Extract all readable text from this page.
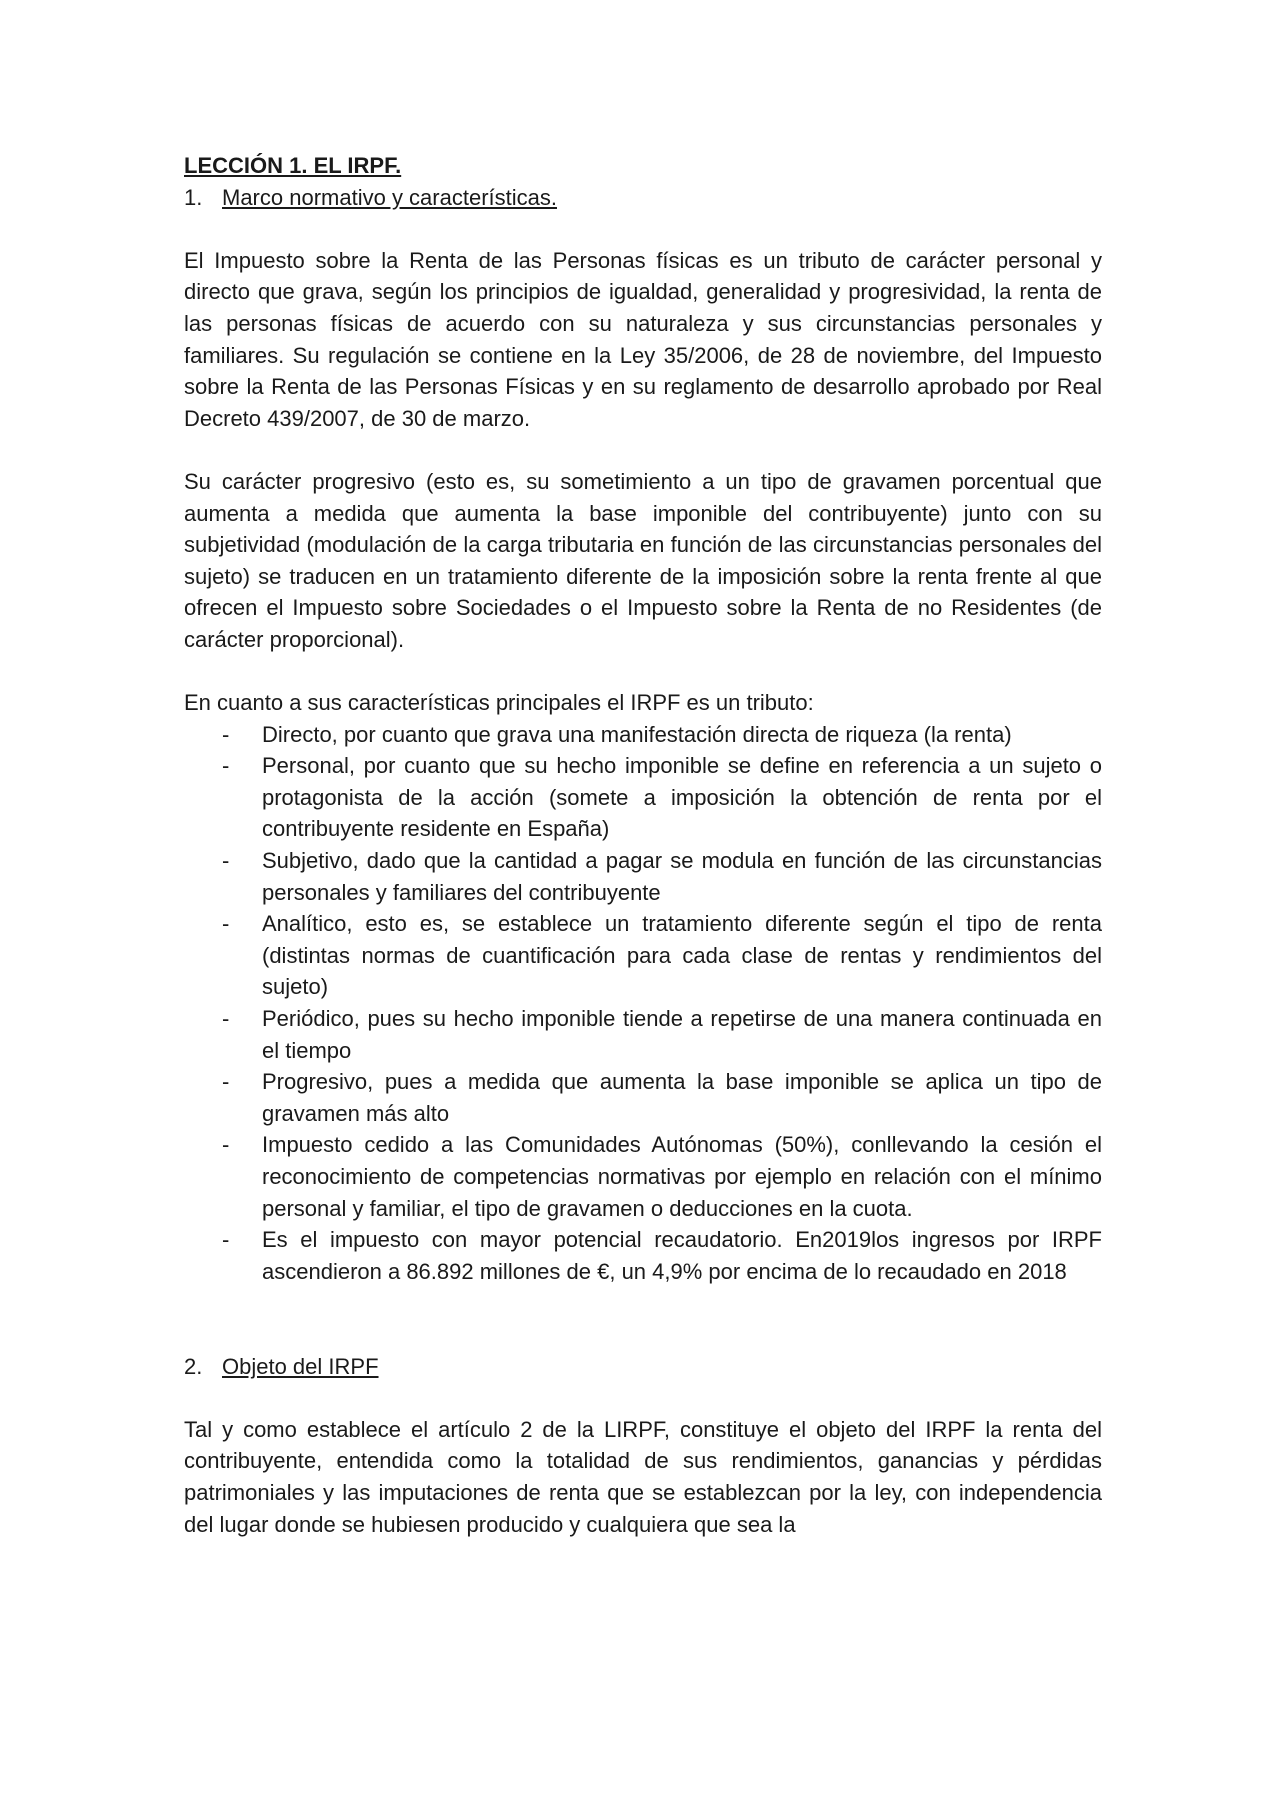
LECCIÓN 1. EL IRPF.
1. Marco normativo y características.

El Impuesto sobre la Renta de las Personas físicas es un tributo de carácter personal y directo que grava, según los principios de igualdad, generalidad y progresividad, la renta de las personas físicas de acuerdo con su naturaleza y sus circunstancias personales y familiares. Su regulación se contiene en la Ley 35/2006, de 28 de noviembre, del Impuesto sobre la Renta de las Personas Físicas y en su reglamento de desarrollo aprobado por Real Decreto 439/2007, de 30 de marzo.

Su carácter progresivo (esto es, su sometimiento a un tipo de gravamen porcentual que aumenta a medida que aumenta la base imponible del contribuyente) junto con su subjetividad (modulación de la carga tributaria en función de las circunstancias personales del sujeto) se traducen en un tratamiento diferente de la imposición sobre la renta frente al que ofrecen el Impuesto sobre Sociedades o el Impuesto sobre la Renta de no Residentes (de carácter proporcional).

En cuanto a sus características principales el IRPF es un tributo:

-	Directo, por cuanto que grava una manifestación directa de riqueza (la renta)
-	Personal, por cuanto que su hecho imponible se define en referencia a un sujeto o protagonista de la acción (somete a imposición la obtención de renta por el contribuyente residente en España)
-	Subjetivo, dado que la cantidad a pagar se modula en función de las circunstancias personales y familiares del contribuyente
-	Analítico, esto es, se establece un tratamiento diferente según el tipo de renta (distintas normas de cuantificación para cada clase de rentas y rendimientos del sujeto)
-	Periódico, pues su hecho imponible tiende a repetirse de una manera continuada en el tiempo
-	Progresivo, pues a medida que aumenta la base imponible se aplica un tipo de gravamen más alto
-	Impuesto cedido a las Comunidades Autónomas (50%), conllevando la cesión el reconocimiento de competencias normativas por ejemplo en relación con el mínimo personal y familiar, el tipo de gravamen o deducciones en la cuota.
-	Es el impuesto con mayor potencial recaudatorio. En2019los ingresos por IRPF ascendieron a 86.892 millones de €, un 4,9% por encima de lo recaudado en 2018
2. Objeto del IRPF

Tal y como establece el artículo 2 de la LIRPF, constituye el objeto del IRPF la renta del contribuyente, entendida como la totalidad de sus rendimientos, ganancias y pérdidas patrimoniales y las imputaciones de renta que se establezcan por la ley, con independencia del lugar donde se hubiesen producido y cualquiera que sea la
